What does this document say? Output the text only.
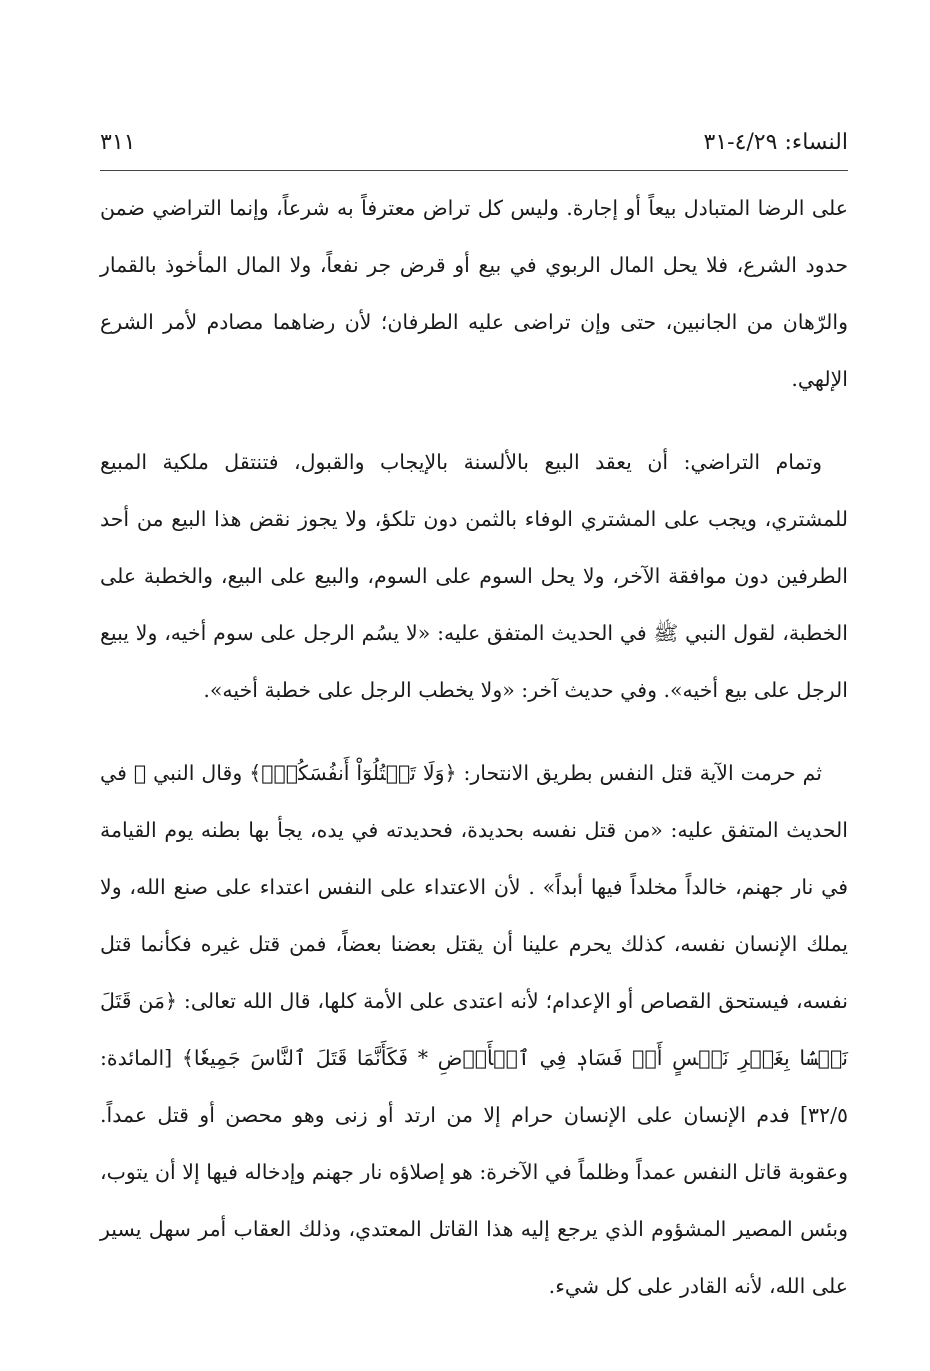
النساء: ٤/٢٩-٣١
٣١١

على الرضا المتبادل بيعاً أو إجارة. وليس كل تراض معترفاً به شرعاً، وإنما التراضي ضمن حدود الشرع، فلا يحل المال الربوي في بيع أو قرض جر نفعاً، ولا المال المأخوذ بالقمار والرّهان من الجانبين، حتى وإن تراضى عليه الطرفان؛ لأن رضاهما مصادم لأمر الشرع الإلهي.

وتمام التراضي: أن يعقد البيع بالألسنة بالإيجاب والقبول، فتنتقل ملكية المبيع للمشتري، ويجب على المشتري الوفاء بالثمن دون تلكؤ، ولا يجوز نقض هذا البيع من أحد الطرفين دون موافقة الآخر، ولا يحل السوم على السوم، والبيع على البيع، والخطبة على الخطبة، لقول النبي ﷺ في الحديث المتفق عليه: «لا يسُم الرجل على سوم أخيه، ولا يبيع الرجل على بيع أخيه». وفي حديث آخر: «ولا يخطب الرجل على خطبة أخيه».

ثم حرمت الآية قتل النفس بطريق الانتحار: ﴿وَلَا تَقۡتُلُوٓاْ أَنفُسَكُمۡۚ﴾ وقال النبي ﷺ في الحديث المتفق عليه: «من قتل نفسه بحديدة، فحديدته في يده، يجأ بها بطنه يوم القيامة في نار جهنم، خالداً مخلداً فيها أبداً» . لأن الاعتداء على النفس اعتداء على صنع الله، ولا يملك الإنسان نفسه، كذلك يحرم علينا أن يقتل بعضنا بعضاً، فمن قتل غيره فكأنما قتل نفسه، فيستحق القصاص أو الإعدام؛ لأنه اعتدى على الأمة كلها، قال الله تعالى: ﴿مَن قَتَلَ نَفۡسَۢا بِغَيۡرِ نَفۡسٍ أَوۡ فَسَادٖ فِي ٱلۡأَرۡضِ * فَكَأَنَّمَا قَتَلَ ٱلنَّاسَ جَمِيعٗا﴾ [المائدة: ٣٢/٥] فدم الإنسان على الإنسان حرام إلا من ارتد أو زنى وهو محصن أو قتل عمداً. وعقوبة قاتل النفس عمداً وظلماً في الآخرة: هو إصلاؤه نار جهنم وإدخاله فيها إلا أن يتوب، وبئس المصير المشؤوم الذي يرجع إليه هذا القاتل المعتدي، وذلك العقاب أمر سهل يسير على الله، لأنه القادر على كل شيء.
